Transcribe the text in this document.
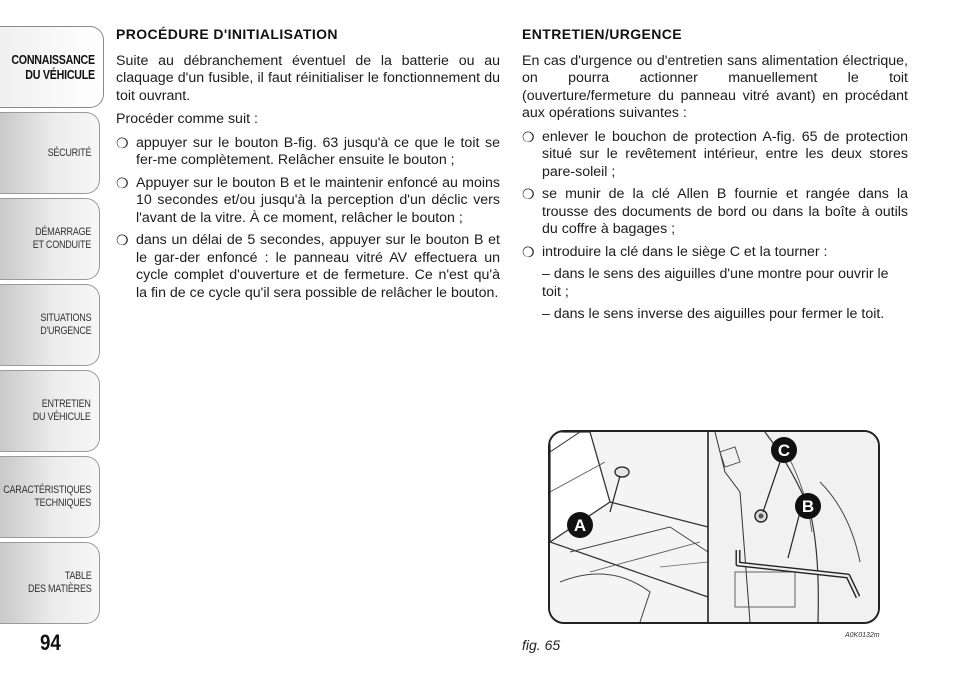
CONNAISSANCE
DU VÉHICULE
SÉCURITÉ
DÉMARRAGE
ET CONDUITE
SITUATIONS
D'URGENCE
ENTRETIEN
DU VÉHICULE
CARACTÉRISTIQUES
TECHNIQUES
TABLE
DES MATIÈRES
94
PROCÉDURE D'INITIALISATION

Suite au débranchement éventuel de la batterie ou au claquage d'un fusible, il faut réinitialiser le fonctionnement du toit ouvrant.

Procéder comme suit :

❍ appuyer sur le bouton B-fig. 63 jusqu'à ce que le toit se fer-me complètement. Relâcher ensuite le bouton ;
❍ Appuyer sur le bouton B et le maintenir enfoncé au moins 10 secondes et/ou jusqu'à la perception d'un déclic vers l'avant de la vitre. À ce moment, relâcher le bouton ;
❍ dans un délai de 5 secondes, appuyer sur le bouton B et le gar-der enfoncé : le panneau vitré AV effectuera un cycle complet d'ouverture et de fermeture. Ce n'est qu'à la fin de ce cycle qu'il sera possible de relâcher le bouton.
ENTRETIEN/URGENCE

En cas d'urgence ou d'entretien sans alimentation électrique, on pourra actionner manuellement le toit (ouverture/fermeture du panneau vitré avant) en procédant aux opérations suivantes :

❍ enlever le bouchon de protection A-fig. 65 de protection situé sur le revêtement intérieur, entre les deux stores pare-soleil ;
❍ se munir de la clé Allen B fournie et rangée dans la trousse des documents de bord ou dans la boîte à outils du coffre à bagages ;
❍ introduire la clé dans le siège C et la tourner :
– dans le sens des aiguilles d'une montre pour ouvrir le toit ;
– dans le sens inverse des aiguilles pour fermer le toit.
A
C
B
fig. 65
A0K0132m
